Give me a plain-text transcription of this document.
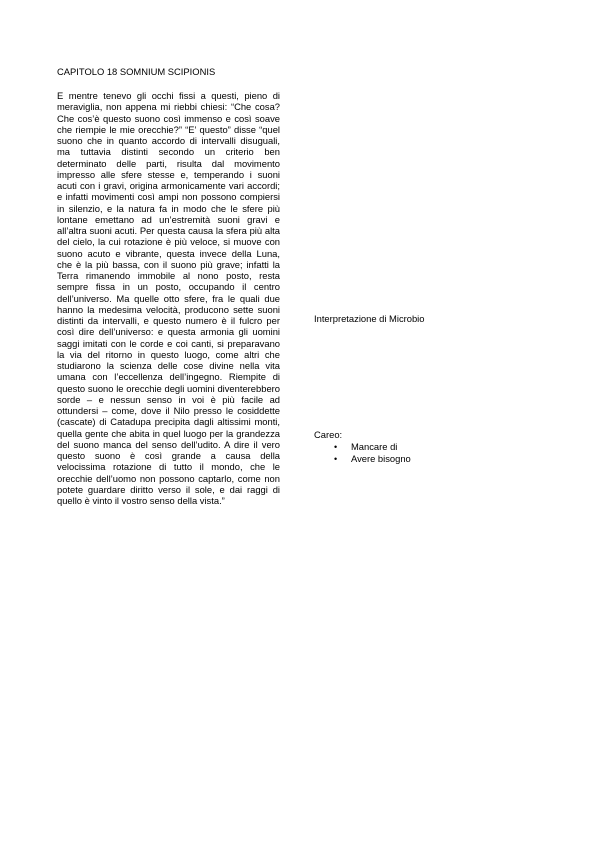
CAPITOLO 18 SOMNIUM SCIPIONIS

E mentre tenevo gli occhi fissi a questi, pieno di meraviglia, non appena mi riebbi chiesi: “Che cosa? Che cos’è questo suono così immenso e così soave che riempie le mie orecchie?” “E’ questo” disse “quel suono che in quanto accordo di intervalli disuguali, ma tuttavia distinti secondo un criterio ben determinato delle parti, risulta dal movimento impresso alle sfere stesse e, temperando i suoni acuti con i gravi, origina armonicamente vari accordi; e infatti movimenti così ampi non possono compiersi in silenzio, e la natura fa in modo che le sfere più lontane emettano ad un’estremità suoni gravi e all’altra suoni acuti. Per questa causa la sfera più alta del cielo, la cui rotazione è più veloce, si muove con suono acuto e vibrante, questa invece della Luna, che è la più bassa, con il suono più grave; infatti la Terra rimanendo immobile al nono posto, resta sempre fissa in un posto, occupando il centro dell’universo. Ma quelle otto sfere, fra le quali due hanno la medesima velocità, producono sette suoni distinti da intervalli, e questo numero è il fulcro per così dire dell’universo: e questa armonia gli uomini saggi imitati con le corde e coi canti, si preparavano la via del ritorno in questo luogo, come altri che studiarono la scienza delle cose divine nella vita umana con l’eccellenza dell’ingegno. Riempite di questo suono le orecchie degli uomini diventerebbero sorde – e nessun senso in voi è più facile ad ottundersi – come, dove il Nilo presso le cosiddette (cascate) di Catadupa precipita dagli altissimi monti, quella gente che abita in quel luogo per la grandezza del suono manca del senso dell’udito. A dire il vero questo suono è così grande a causa della velocissima rotazione di tutto il mondo, che le orecchie dell’uomo non possono captarlo, come non potete guardare diritto verso il sole, e dai raggi di quello è vinto il vostro senso della vista.”

Interpretazione di Microbio

Careo:

• Mancare di
• Avere bisogno
